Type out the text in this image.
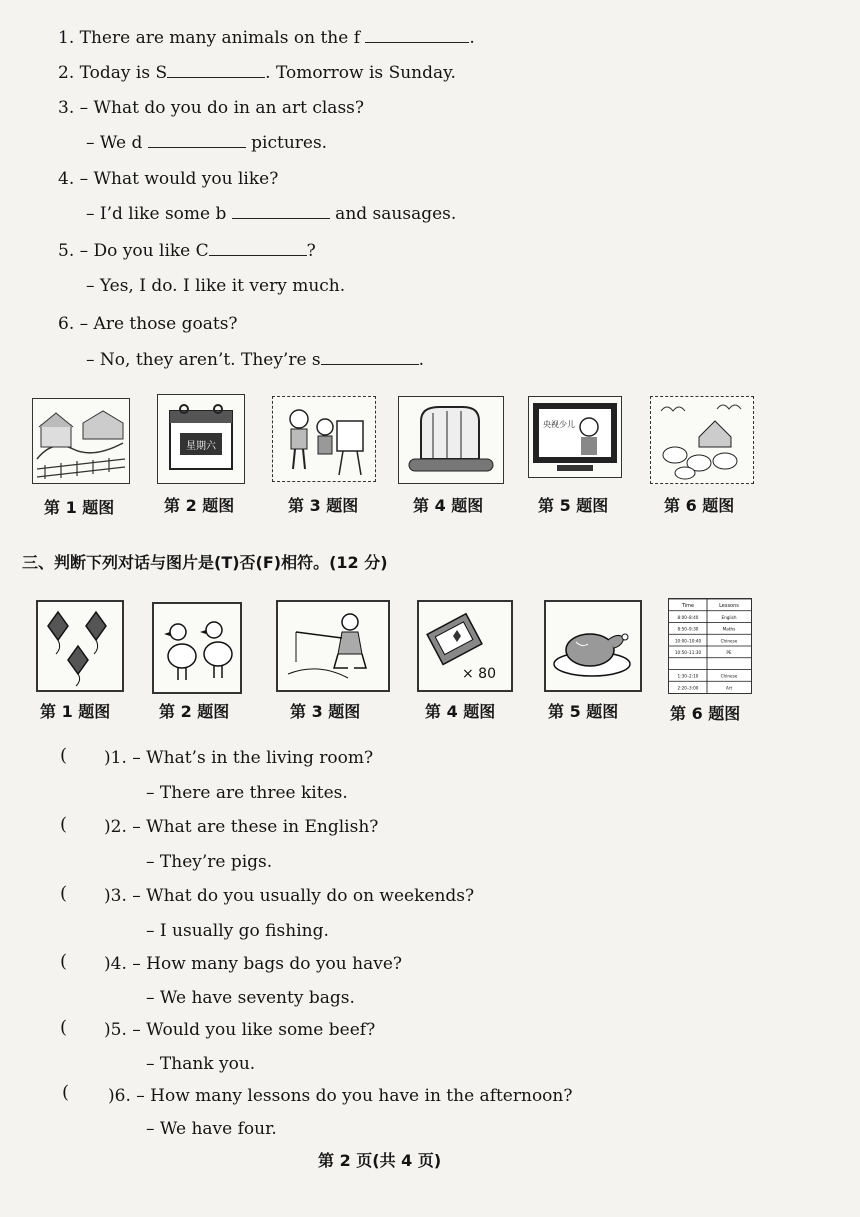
1. There are many animals on the f	.
2. Today is S	. Tomorrow is Sunday.
3. – What do you do in an art class?
– We d	pictures.
4. – What would you like?
– I’d like some b	and sausages.
5. – Do you like C	?
– Yes, I do. I like it very much.
6. – Are those goats?
– No, they aren’t. They’re s	.
星期六
央视少儿
第 1 题图	第 2 题图	第 3 题图	第 4 题图	第 5 题图	第 6 题图
三、判断下列对话与图片是(T)否(F)相符。(12 分)
× 80
Time	Lessons
8:00–8:40	English
8:50–9:30	Maths
10:00–10:40	Chinese
10:50–11:30	PE
1:30–2:10	Chinese
2:20–3:00	Art
第 1 题图	第 2 题图	第 3 题图	第 4 题图	第 5 题图	第 6 题图
( )1. – What’s in the living room?
– There are three kites.
( )2. – What are these in English?
– They’re pigs.
( )3. – What do you usually do on weekends?
– I usually go fishing.
( )4. – How many bags do you have?
– We have seventy bags.
( )5. – Would you like some beef?
– Thank you.
( )6. – How many lessons do you have in the afternoon?
– We have four.
第 2 页(共 4 页)
